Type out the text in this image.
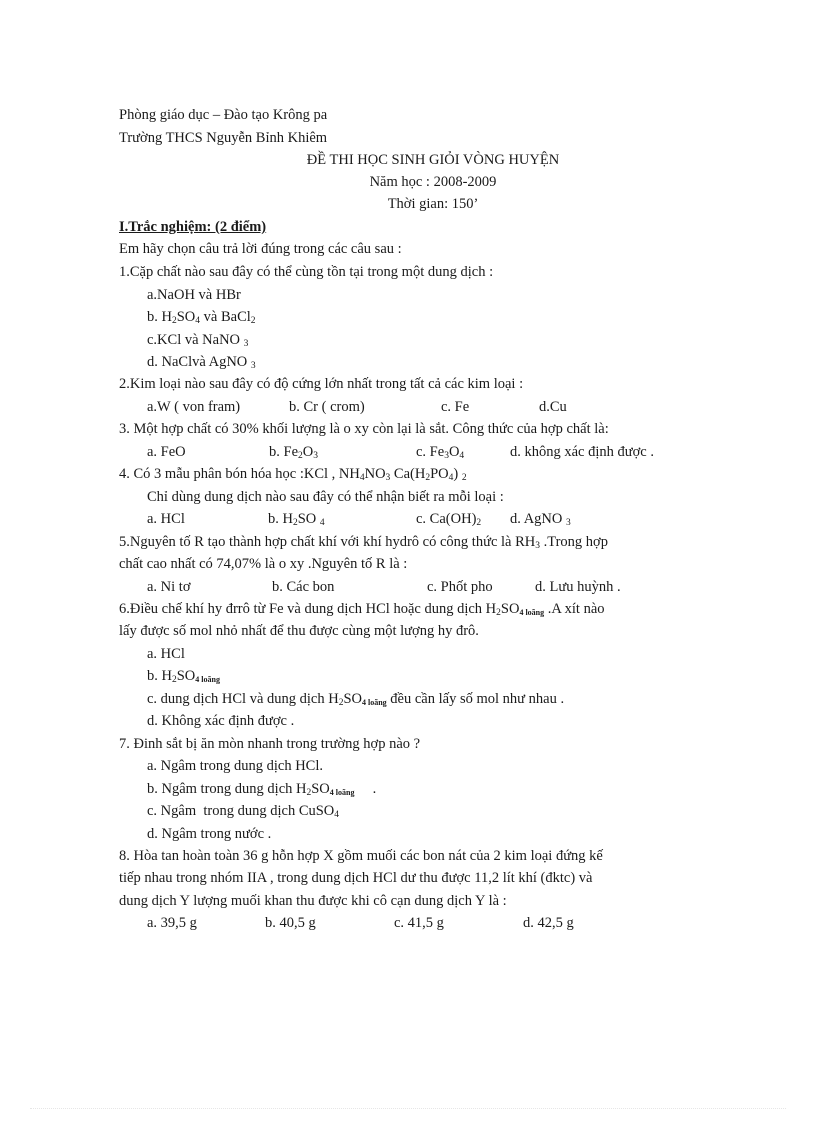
Phòng giáo dục – Đào tạo Krông pa
Trường THCS Nguyễn Bỉnh Khiêm
ĐỀ THI HỌC SINH GIỎI VÒNG HUYỆN
Năm học : 2008-2009
Thời gian: 150’
I.Trắc nghiệm: (2 điểm)
Em hãy chọn câu trả lời đúng trong các câu sau :
1.Cặp chất nào sau đây có thể cùng tồn tại trong một dung dịch :
a.NaOH và HBr
b. $H_2SO_4$ và BaCl$_2$
c.KCl và NaNO $_3$
d. NaClvà AgNO $_3$
2.Kim loại nào sau đây có độ cứng lớn nhất trong tất cả các kim loại :
a.W ( von fram)	b. Cr ( crom)	c. Fe	d.Cu
3. Một hợp chất có 30% khối lượng là o xy còn lại là sắt. Công thức của hợp chất là:
a. FeO	b. $Fe_2O_3$	c. $Fe_3O_4$	d. không xác định được .
4. Có 3 mẫu phân bón hóa học :KCl , $NH_4NO_3$ $Ca(H_2PO_4)$ $_2$
Chỉ dùng dung dịch nào sau đây có thể nhận biết ra mỗi loại :
a. HCl	b. $H_2SO$ $_4$	c. $Ca(OH)_2$ d. AgNO $_3$
5.Nguyên tố R tạo thành hợp chất khí với khí hydrô có công thức là $RH_3$ .Trong hợp
chất cao nhất có 74,07% là o xy .Nguyên tố R là :
a. Ni tơ	b. Các bon	c. Phốt pho	d. Lưu huỳnh .
6.Điều chế khí hy đrrô từ Fe và dung dịch HCl hoặc dung dịch $H_2SO_{4 loãng}$ .A xít nào
lấy được số mol nhỏ nhất để thu được cùng một lượng hy đrô.
a. HCl
b. $H_2SO_{4 loãng}$
c. dung dịch HCl và dung dịch $H_2SO_{4 loãng}$ đều cần lấy số mol như nhau .
d. Không xác định được .
7. Đinh sắt bị ăn mòn nhanh trong trường hợp nào ?
a. Ngâm trong dung dịch HCl.
b. Ngâm trong dung dịch $H_2SO_{4 loãng}$     .
c. Ngâm  trong dung dịch CuSO$_4$
d. Ngâm trong nước .
8. Hòa tan hoàn toàn 36 g hỗn hợp X gồm muối các bon nát của 2 kim loại đứng kế
tiếp nhau trong nhóm IIA , trong dung dịch HCl dư thu được 11,2 lít khí (đktc) và
dung dịch Y lượng muối khan thu được khi cô cạn dung dịch Y là :
a. 39,5 g	b. 40,5 g	c. 41,5 g	d. 42,5 g
